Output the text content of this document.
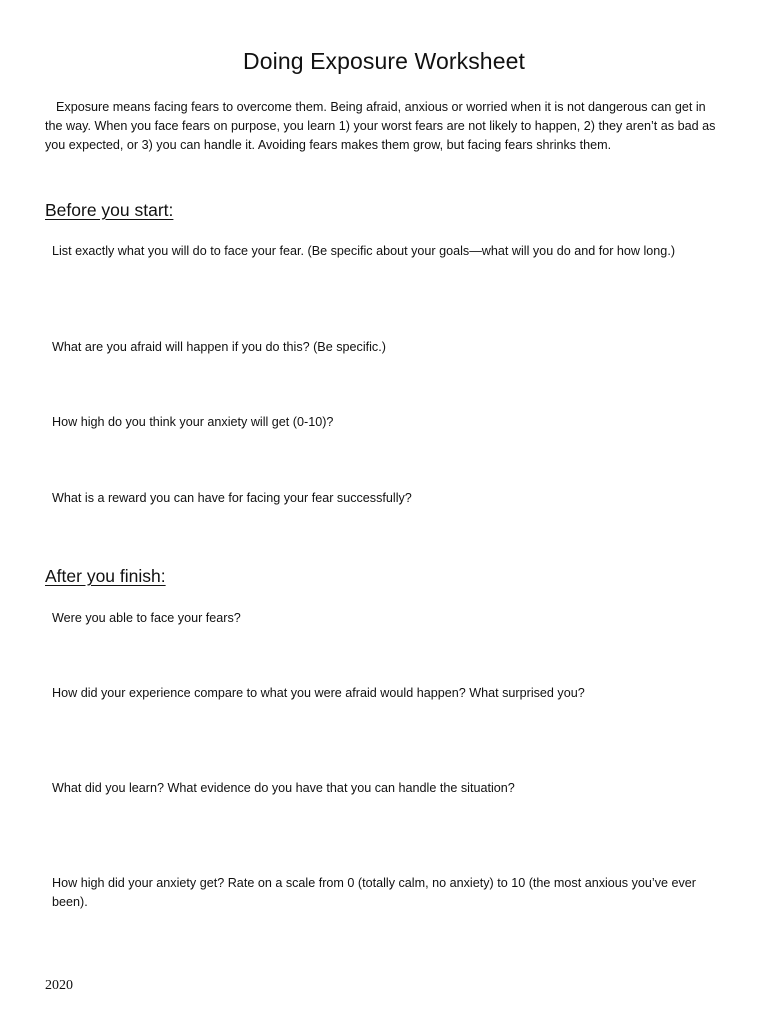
Doing Exposure Worksheet

Exposure means facing fears to overcome them. Being afraid, anxious or worried when it is not dangerous can get in the way. When you face fears on purpose, you learn 1) your worst fears are not likely to happen, 2) they aren’t as bad as you expected, or 3) you can handle it. Avoiding fears makes them grow, but facing fears shrinks them.

Before you start:

List exactly what you will do to face your fear. (Be specific about your goals—what will you do and for how long.)

What are you afraid will happen if you do this? (Be specific.)

How high do you think your anxiety will get (0-10)?

What is a reward you can have for facing your fear successfully?

After you finish:

Were you able to face your fears?

How did your experience compare to what you were afraid would happen? What surprised you?

What did you learn? What evidence do you have that you can handle the situation?

How high did your anxiety get? Rate on a scale from 0 (totally calm, no anxiety) to 10 (the most anxious you’ve ever been).

2020
